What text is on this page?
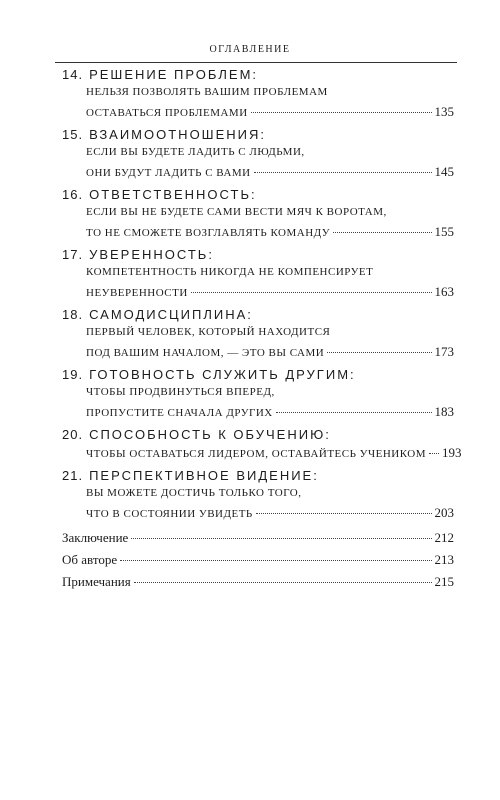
ОГЛАВЛЕНИЕ
14. РЕШЕНИЕ ПРОБЛЕМ:
НЕЛЬЗЯ ПОЗВОЛЯТЬ ВАШИМ ПРОБЛЕМАМ
ОСТАВАТЬСЯ ПРОБЛЕМАМИ	135
15. ВЗАИМООТНОШЕНИЯ:
ЕСЛИ ВЫ БУДЕТЕ ЛАДИТЬ С ЛЮДЬМИ,
ОНИ БУДУТ ЛАДИТЬ С ВАМИ	145
16. ОТВЕТСТВЕННОСТЬ:
ЕСЛИ ВЫ НЕ БУДЕТЕ САМИ ВЕСТИ МЯЧ К ВОРОТАМ,
ТО НЕ СМОЖЕТЕ ВОЗГЛАВЛЯТЬ КОМАНДУ	155
17. УВЕРЕННОСТЬ:
КОМПЕТЕНТНОСТЬ НИКОГДА НЕ КОМПЕНСИРУЕТ
НЕУВЕРЕННОСТИ	163
18. САМОДИСЦИПЛИНА:
ПЕРВЫЙ ЧЕЛОВЕК, КОТОРЫЙ НАХОДИТСЯ
ПОД ВАШИМ НАЧАЛОМ, — ЭТО ВЫ САМИ	173
19. ГОТОВНОСТЬ СЛУЖИТЬ ДРУГИМ:
ЧТОБЫ ПРОДВИНУТЬСЯ ВПЕРЕД,
ПРОПУСТИТЕ СНАЧАЛА ДРУГИХ	183
20. СПОСОБНОСТЬ К ОБУЧЕНИЮ:
ЧТОБЫ ОСТАВАТЬСЯ ЛИДЕРОМ, ОСТАВАЙТЕСЬ УЧЕНИКОМ 193
21. ПЕРСПЕКТИВНОЕ ВИДЕНИЕ:
ВЫ МОЖЕТЕ ДОСТИЧЬ ТОЛЬКО ТОГО,
ЧТО В СОСТОЯНИИ УВИДЕТЬ	203
Заключение	212
Об авторе	213
Примечания	215
